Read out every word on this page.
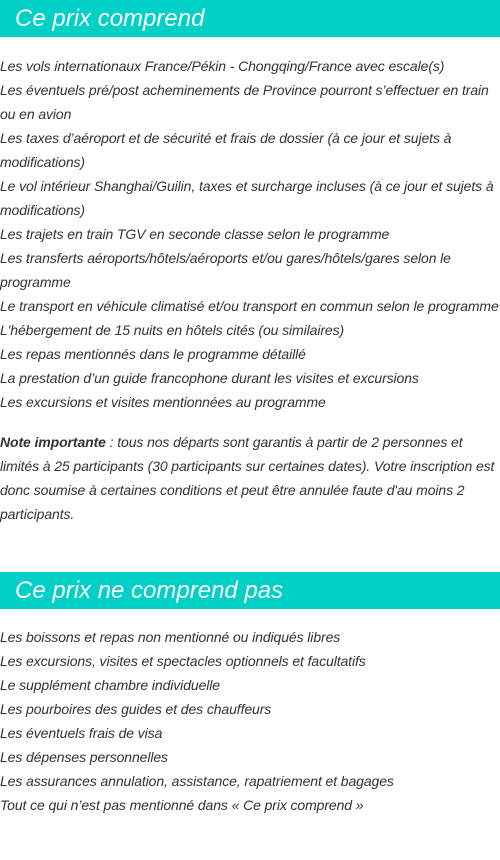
Ce prix comprend
Les vols internationaux France/Pékin - Chongqing/France avec escale(s)
Les éventuels pré/post acheminements de Province pourront s’effectuer en train ou en avion
Les taxes d’aéroport et de sécurité et frais de dossier (à ce jour et sujets à modifications)
Le vol intérieur Shanghai/Guilin, taxes et surcharge incluses (à ce jour et sujets à modifications)
Les trajets en train TGV en seconde classe selon le programme
Les transferts aéroports/hôtels/aéroports et/ou gares/hôtels/gares selon le programme
Le transport en véhicule climatisé et/ou transport en commun selon le programme
L'hébergement de 15 nuits en hôtels cités (ou similaires)
Les repas mentionnés dans le programme détaillé
La prestation d’un guide francophone durant les visites et excursions
Les excursions et visites mentionnées au programme
Note importante : tous nos départs sont garantis à partir de 2 personnes et limités à 25 participants (30 participants sur certaines dates). Votre inscription est donc soumise à certaines conditions et peut être annulée faute d'au moins 2 participants.
Ce prix ne comprend pas
Les boissons et repas non mentionné ou indiqués libres
Les excursions, visites et spectacles optionnels et facultatifs
Le supplément chambre individuelle
Les pourboires des guides et des chauffeurs
Les éventuels frais de visa
Les dépenses personnelles
Les assurances annulation, assistance, rapatriement et bagages
Tout ce qui n’est pas mentionné dans « Ce prix comprend »
